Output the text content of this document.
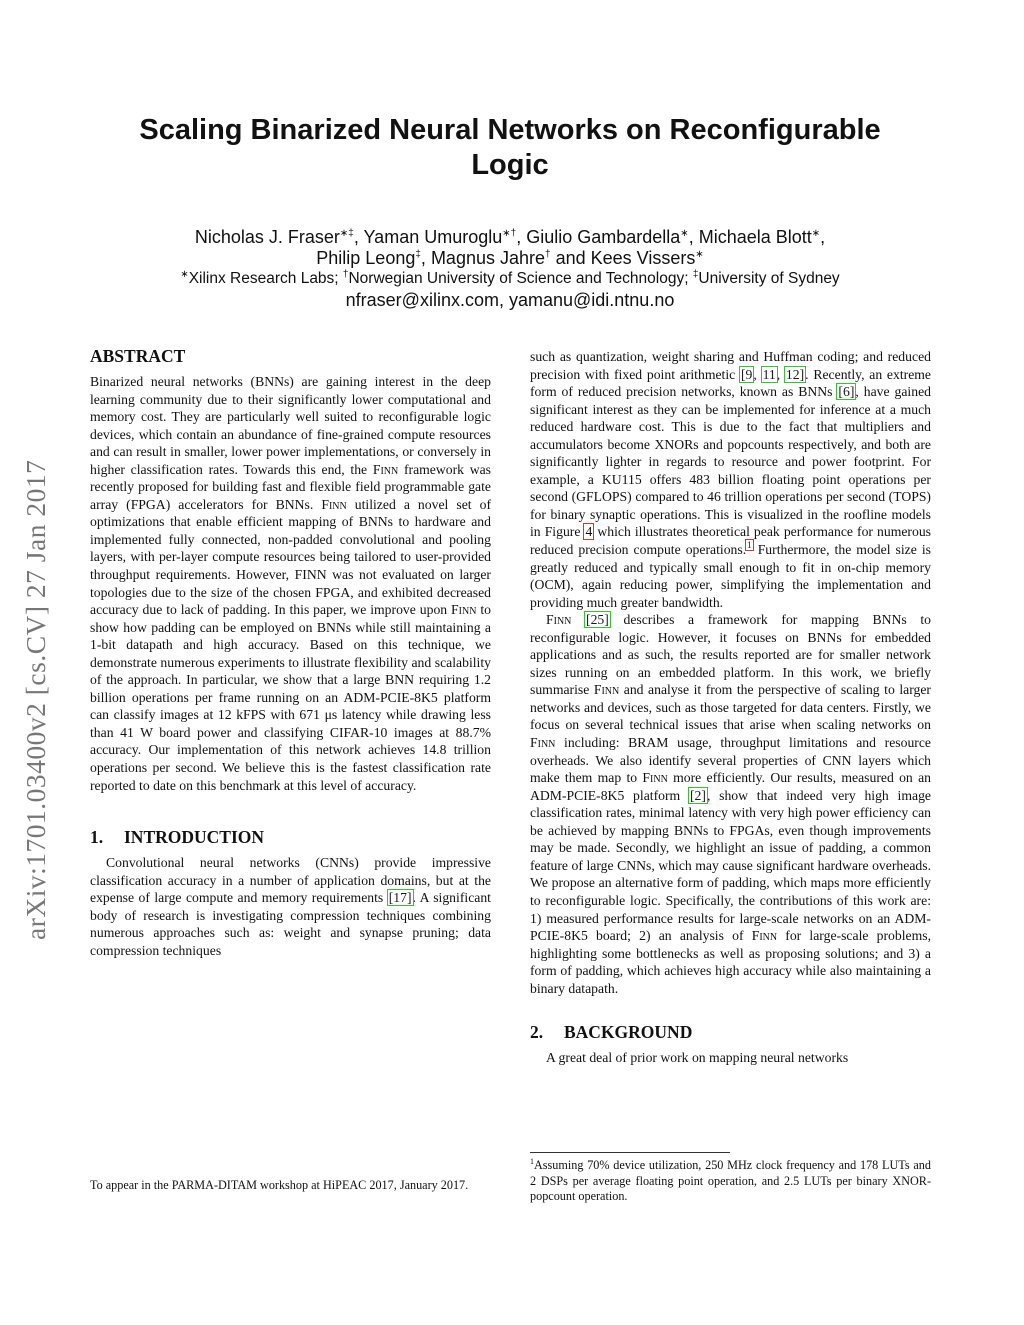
Scaling Binarized Neural Networks on Reconfigurable Logic
Nicholas J. Fraser∗‡, Yaman Umuroglu∗†, Giulio Gambardella∗, Michaela Blott∗,
Philip Leong‡, Magnus Jahre† and Kees Vissers∗
∗Xilinx Research Labs; †Norwegian University of Science and Technology; ‡University of Sydney
nfraser@xilinx.com, yamanu@idi.ntnu.no
arXiv:1701.03400v2 [cs.CV] 27 Jan 2017
ABSTRACT

Binarized neural networks (BNNs) are gaining interest in the deep learning community due to their significantly lower computational and memory cost. They are particularly well suited to reconfigurable logic devices, which contain an abundance of fine-grained compute resources and can result in smaller, lower power implementations, or conversely in higher classification rates. Towards this end, the Finn framework was recently proposed for building fast and flexible field programmable gate array (FPGA) accelerators for BNNs. Finn utilized a novel set of optimizations that enable efficient mapping of BNNs to hardware and implemented fully connected, non-padded convolutional and pooling layers, with per-layer compute resources being tailored to user-provided throughput requirements. However, FINN was not evaluated on larger topologies due to the size of the chosen FPGA, and exhibited decreased accuracy due to lack of padding. In this paper, we improve upon Finn to show how padding can be employed on BNNs while still maintaining a 1-bit datapath and high accuracy. Based on this technique, we demonstrate numerous experiments to illustrate flexibility and scalability of the approach. In particular, we show that a large BNN requiring 1.2 billion operations per frame running on an ADM-PCIE-8K5 platform can classify images at 12 kFPS with 671 μs latency while drawing less than 41 W board power and classifying CIFAR-10 images at 88.7% accuracy. Our implementation of this network achieves 14.8 trillion operations per second. We believe this is the fastest classification rate reported to date on this benchmark at this level of accuracy.

1. INTRODUCTION

Convolutional neural networks (CNNs) provide impressive classification accuracy in a number of application domains, but at the expense of large compute and memory requirements [17]. A significant body of research is investigating compression techniques combining numerous approaches such as: weight and synapse pruning; data compression techniques

such as quantization, weight sharing and Huffman coding; and reduced precision with fixed point arithmetic [9, 11, 12]. Recently, an extreme form of reduced precision networks, known as BNNs [6], have gained significant interest as they can be implemented for inference at a much reduced hardware cost. This is due to the fact that multipliers and accumulators become XNORs and popcounts respectively, and both are significantly lighter in regards to resource and power footprint. For example, a KU115 offers 483 billion floating point operations per second (GFLOPS) compared to 46 trillion operations per second (TOPS) for binary synaptic operations. This is visualized in the roofline models in Figure 4 which illustrates theoretical peak performance for numerous reduced precision compute operations.$^1$ Furthermore, the model size is greatly reduced and typically small enough to fit in on-chip memory (OCM), again reducing power, simplifying the implementation and providing much greater bandwidth.

Finn [25] describes a framework for mapping BNNs to reconfigurable logic. However, it focuses on BNNs for embedded applications and as such, the results reported are for smaller network sizes running on an embedded platform. In this work, we briefly summarise Finn and analyse it from the perspective of scaling to larger networks and devices, such as those targeted for data centers. Firstly, we focus on several technical issues that arise when scaling networks on Finn including: BRAM usage, throughput limitations and resource overheads. We also identify several properties of CNN layers which make them map to Finn more efficiently. Our results, measured on an ADM-PCIE-8K5 platform [2], show that indeed very high image classification rates, minimal latency with very high power efficiency can be achieved by mapping BNNs to FPGAs, even though improvements may be made. Secondly, we highlight an issue of padding, a common feature of large CNNs, which may cause significant hardware overheads. We propose an alternative form of padding, which maps more efficiently to reconfigurable logic. Specifically, the contributions of this work are: 1) measured performance results for large-scale networks on an ADM-PCIE-8K5 board; 2) an analysis of Finn for large-scale problems, highlighting some bottlenecks as well as proposing solutions; and 3) a form of padding, which achieves high accuracy while also maintaining a binary datapath.

2. BACKGROUND

A great deal of prior work on mapping neural networks

To appear in the PARMA-DITAM workshop at HiPEAC 2017, January 2017.
$^1$Assuming 70% device utilization, 250 MHz clock frequency and 178 LUTs and 2 DSPs per average floating point operation, and 2.5 LUTs per binary XNOR-popcount operation.
